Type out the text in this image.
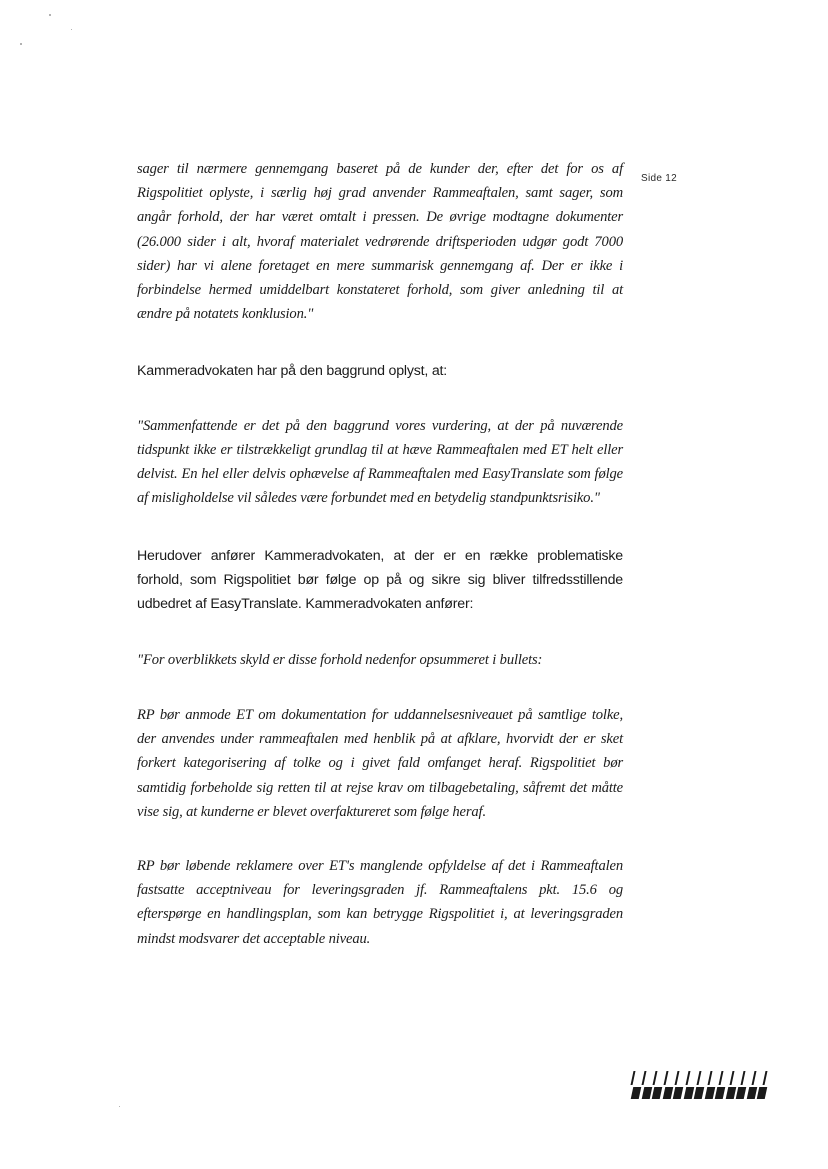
Side 12

sager til nærmere gennemgang baseret på de kunder der, efter det for os af Rigspolitiet oplyste, i særlig høj grad anvender Rammeaftalen, samt sager, som angår forhold, der har været omtalt i pressen. De øvrige modtagne dokumenter (26.000 sider i alt, hvoraf materialet vedrørende driftsperioden udgør godt 7000 sider) har vi alene foretaget en mere summarisk gennemgang af. Der er ikke i forbindelse hermed umiddelbart konstateret forhold, som giver anledning til at ændre på notatets konklusion."

Kammeradvokaten har på den baggrund oplyst, at:

"Sammenfattende er det på den baggrund vores vurdering, at der på nuværende tidspunkt ikke er tilstrækkeligt grundlag til at hæve Rammeaftalen med ET helt eller delvist. En hel eller delvis ophævelse af Rammeaftalen med EasyTranslate som følge af misligholdelse vil således være forbundet med en betydelig standpunktsrisiko."

Herudover anfører Kammeradvokaten, at der er en række problematiske forhold, som Rigspolitiet bør følge op på og sikre sig bliver tilfredsstillende udbedret af EasyTranslate. Kammeradvokaten anfører:

"For overblikkets skyld er disse forhold nedenfor opsummeret i bullets:

RP bør anmode ET om dokumentation for uddannelsesniveauet på samtlige tolke, der anvendes under rammeaftalen med henblik på at afklare, hvorvidt der er sket forkert kategorisering af tolke og i givet fald omfanget heraf. Rigspolitiet bør samtidig forbeholde sig retten til at rejse krav om tilbagebetaling, såfremt det måtte vise sig, at kunderne er blevet overfaktureret som følge heraf.

RP bør løbende reklamere over ET's manglende opfyldelse af det i Rammeaftalen fastsatte acceptniveau for leveringsgraden jf. Rammeaftalens pkt. 15.6 og efterspørge en handlingsplan, som kan betrygge Rigspolitiet i, at leveringsgraden mindst modsvarer det acceptable niveau.
